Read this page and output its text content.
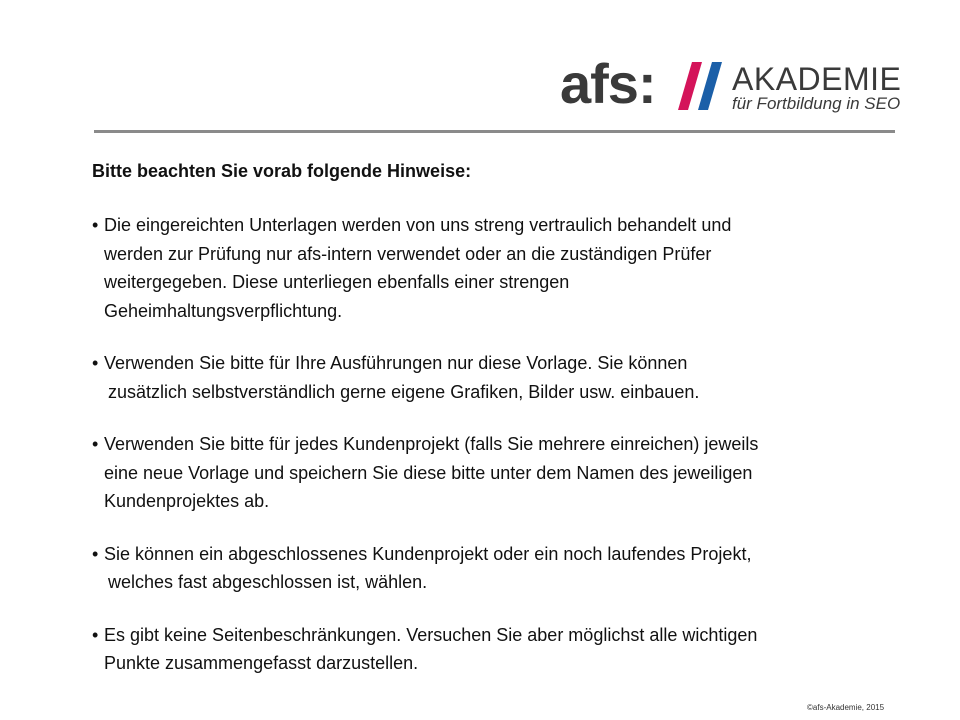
afs: AKADEMIE
für Fortbildung in SEO
Bitte beachten Sie vorab folgende Hinweise:
• Die eingereichten Unterlagen werden von uns streng vertraulich behandelt und
werden zur Prüfung nur afs-intern verwendet oder an die zuständigen Prüfer
weitergegeben. Diese unterliegen ebenfalls einer strengen
Geheimhaltungsverpflichtung.
• Verwenden Sie bitte für Ihre Ausführungen nur diese Vorlage. Sie können
zusätzlich selbstverständlich gerne eigene Grafiken, Bilder usw. einbauen.
• Verwenden Sie bitte für jedes Kundenprojekt (falls Sie mehrere einreichen) jeweils
eine neue Vorlage und speichern Sie diese bitte unter dem Namen des jeweiligen
Kundenprojektes ab.
• Sie können ein abgeschlossenes Kundenprojekt oder ein noch laufendes Projekt,
welches fast abgeschlossen ist, wählen.
• Es gibt keine Seitenbeschränkungen. Versuchen Sie aber möglichst alle wichtigen
Punkte zusammengefasst darzustellen.
©afs-Akademie, 2015
